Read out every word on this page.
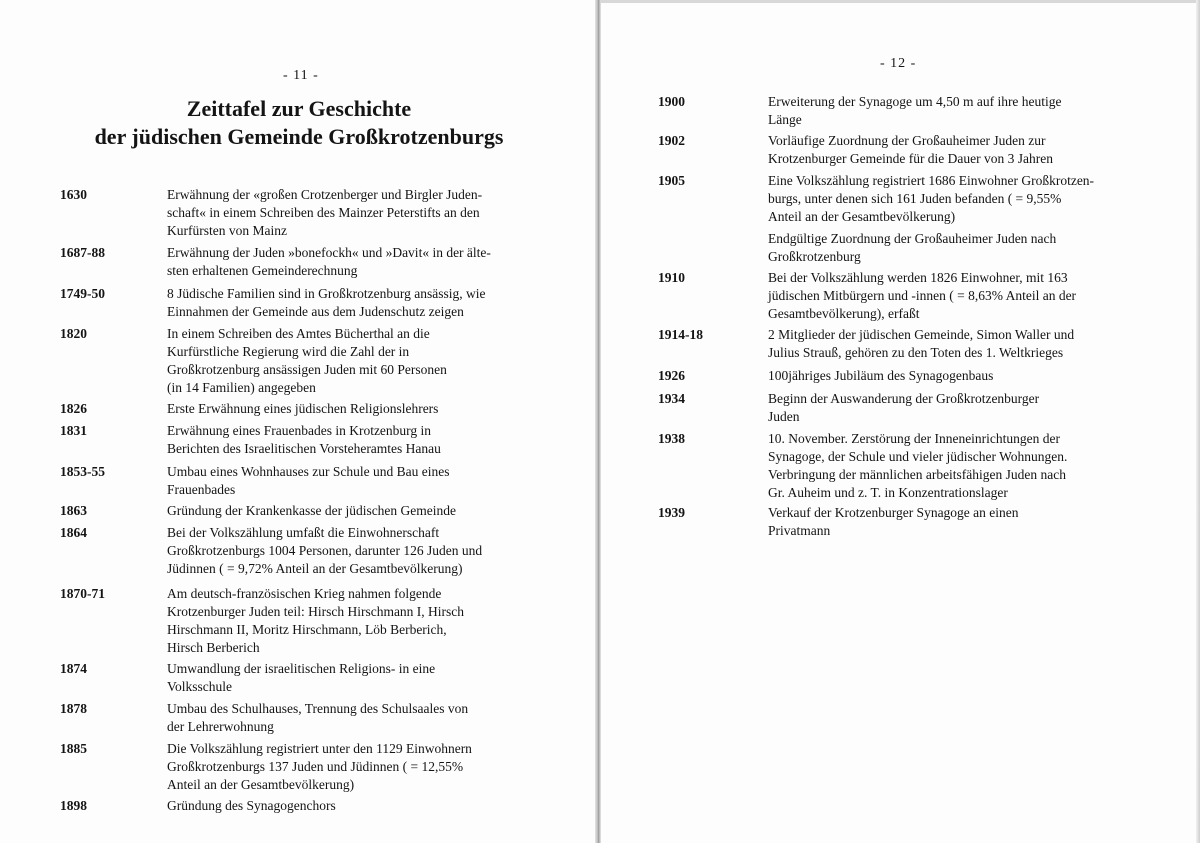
- 11 -
Zeittafel zur Geschichte
der jüdischen Gemeinde Großkrotzenburgs
1630	Erwähnung der «großen Crotzenberger und Birgler Juden-
schaft« in einem Schreiben des Mainzer Peterstifts an den
Kurfürsten von Mainz
1687-88	Erwähnung der Juden »bonefockh« und »Davit« in der älte-
sten erhaltenen Gemeinderechnung
1749-50	8 Jüdische Familien sind in Großkrotzenburg ansässig, wie
Einnahmen der Gemeinde aus dem Judenschutz zeigen
1820	In einem Schreiben des Amtes Bücherthal an die
Kurfürstliche Regierung wird die Zahl der in
Großkrotzenburg ansässigen Juden mit 60 Personen
(in 14 Familien) angegeben
1826	Erste Erwähnung eines jüdischen Religionslehrers
1831	Erwähnung eines Frauenbades in Krotzenburg in
Berichten des Israelitischen Vorsteheramtes Hanau
1853-55	Umbau eines Wohnhauses zur Schule und Bau eines
Frauenbades
1863	Gründung der Krankenkasse der jüdischen Gemeinde
1864	Bei der Volkszählung umfaßt die Einwohnerschaft
Großkrotzenburgs 1004 Personen, darunter 126 Juden und
Jüdinnen ( = 9,72% Anteil an der Gesamtbevölkerung)
1870-71	Am deutsch-französischen Krieg nahmen folgende
Krotzenburger Juden teil: Hirsch Hirschmann I, Hirsch
Hirschmann II, Moritz Hirschmann, Löb Berberich,
Hirsch Berberich
1874	Umwandlung der israelitischen Religions- in eine
Volksschule
1878	Umbau des Schulhauses, Trennung des Schulsaales von
der Lehrerwohnung
1885	Die Volkszählung registriert unter den 1129 Einwohnern
Großkrotzenburgs 137 Juden und Jüdinnen ( = 12,55%
Anteil an der Gesamtbevölkerung)
1898	Gründung des Synagogenchors
- 12 -
1900	Erweiterung der Synagoge um 4,50 m auf ihre heutige
Länge
1902	Vorläufige Zuordnung der Großauheimer Juden zur
Krotzenburger Gemeinde für die Dauer von 3 Jahren
1905	Eine Volkszählung registriert 1686 Einwohner Großkrotzen-
burgs, unter denen sich 161 Juden befanden ( = 9,55%
Anteil an der Gesamtbevölkerung)
Endgültige Zuordnung der Großauheimer Juden nach
Großkrotzenburg
1910	Bei der Volkszählung werden 1826 Einwohner, mit 163
jüdischen Mitbürgern und -innen ( = 8,63% Anteil an der
Gesamtbevölkerung), erfaßt
1914-18	2 Mitglieder der jüdischen Gemeinde, Simon Waller und
Julius Strauß, gehören zu den Toten des 1. Weltkrieges
1926	100jähriges Jubiläum des Synagogenbaus
1934	Beginn der Auswanderung der Großkrotzenburger
Juden
1938	10. November. Zerstörung der Inneneinrichtungen der
Synagoge, der Schule und vieler jüdischer Wohnungen.
Verbringung der männlichen arbeitsfähigen Juden nach
Gr. Auheim und z. T. in Konzentrationslager
1939	Verkauf der Krotzenburger Synagoge an einen
Privatmann
